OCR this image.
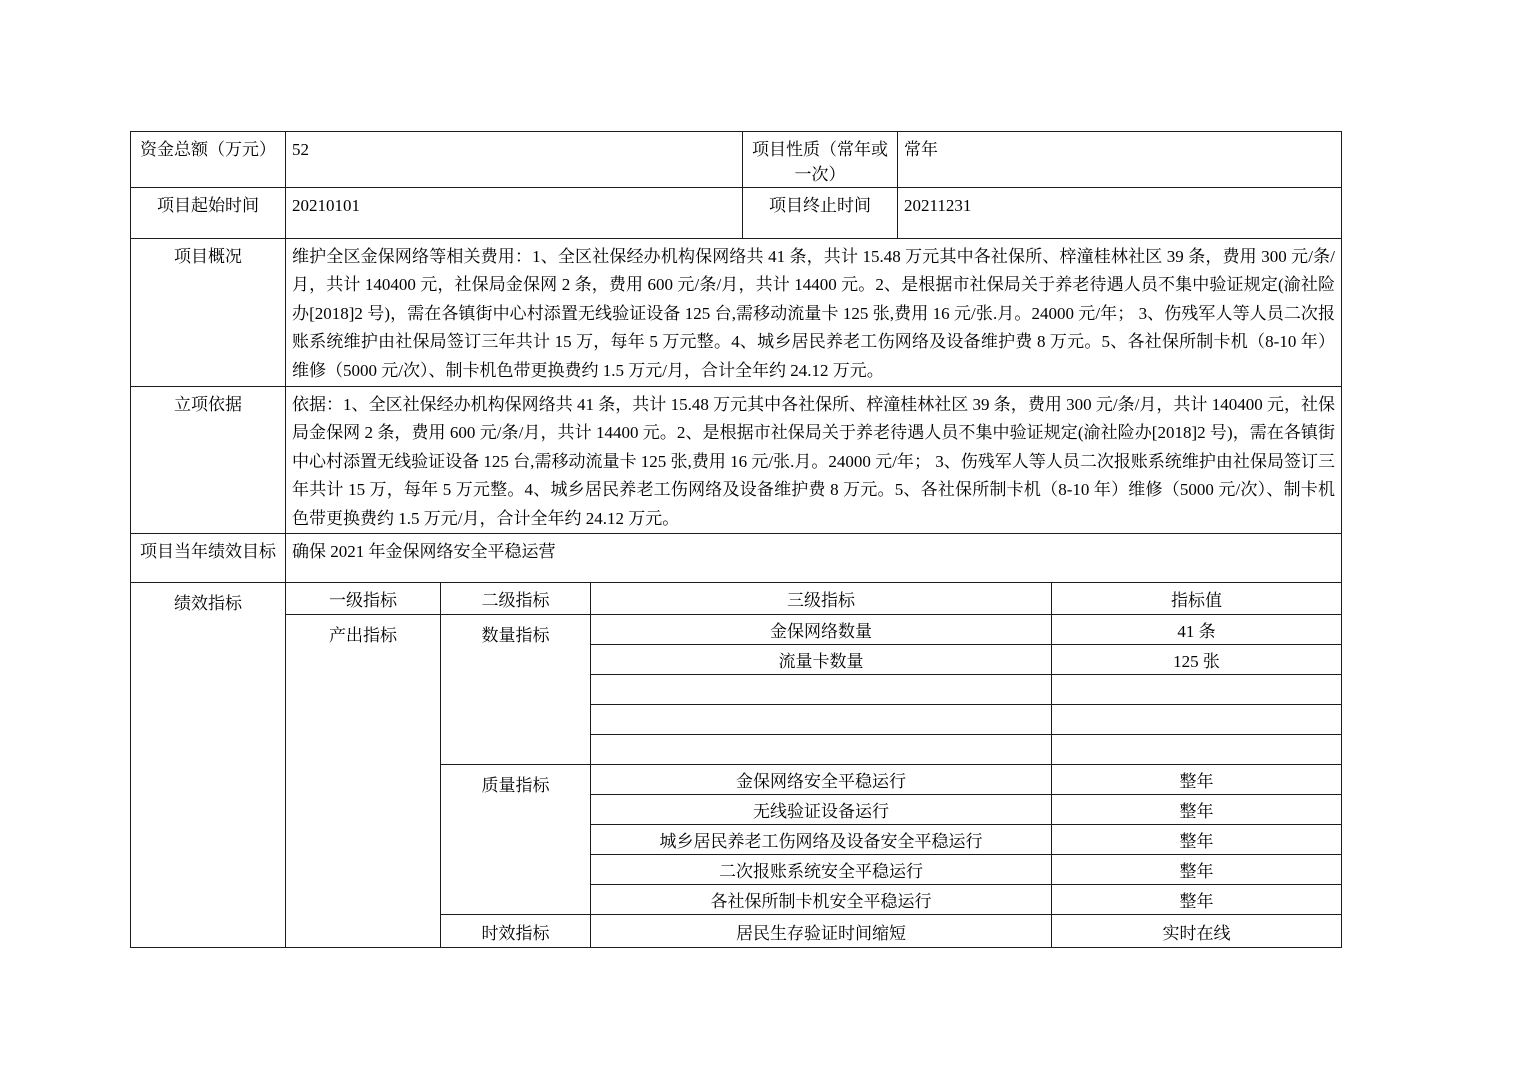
资金总额（万元）	52	项目性质（常年或一次）	常年
项目起始时间	20210101	项目终止时间	20211231
项目概况	维护全区金保网络等相关费用：1、全区社保经办机构保网络共 41 条，共计 15.48 万元其中各社保所、梓潼桂林社区 39 条，费用 300 元/条/月，共计 140400 元，社保局金保网 2 条，费用 600 元/条/月，共计 14400 元。2、是根据市社保局关于养老待遇人员不集中验证规定(渝社险办[2018]2 号)，需在各镇街中心村添置无线验证设备 125 台,需移动流量卡 125 张,费用 16 元/张.月。24000 元/年； 3、伤残军人等人员二次报账系统维护由社保局签订三年共计 15 万，每年 5 万元整。4、城乡居民养老工伤网络及设备维护费 8 万元。5、各社保所制卡机（8-10 年）维修（5000 元/次）、制卡机色带更换费约 1.5 万元/月，合计全年约 24.12 万元。
立项依据	依据：1、全区社保经办机构保网络共 41 条，共计 15.48 万元其中各社保所、梓潼桂林社区 39 条，费用 300 元/条/月，共计 140400 元，社保局金保网 2 条，费用 600 元/条/月，共计 14400 元。2、是根据市社保局关于养老待遇人员不集中验证规定(渝社险办[2018]2 号)，需在各镇街中心村添置无线验证设备 125 台,需移动流量卡 125 张,费用 16 元/张.月。24000 元/年； 3、伤残军人等人员二次报账系统维护由社保局签订三年共计 15 万，每年 5 万元整。4、城乡居民养老工伤网络及设备维护费 8 万元。5、各社保所制卡机（8-10 年）维修（5000 元/次）、制卡机色带更换费约 1.5 万元/月，合计全年约 24.12 万元。
项目当年绩效目标	确保 2021 年金保网络安全平稳运营
绩效指标	一级指标	二级指标	三级指标	指标值
	产出指标	数量指标	金保网络数量	41 条
			流量卡数量	125 张

		质量指标	金保网络安全平稳运行	整年
			无线验证设备运行	整年
			城乡居民养老工伤网络及设备安全平稳运行	整年
			二次报账系统安全平稳运行	整年
			各社保所制卡机安全平稳运行	整年
		时效指标	居民生存验证时间缩短	实时在线
